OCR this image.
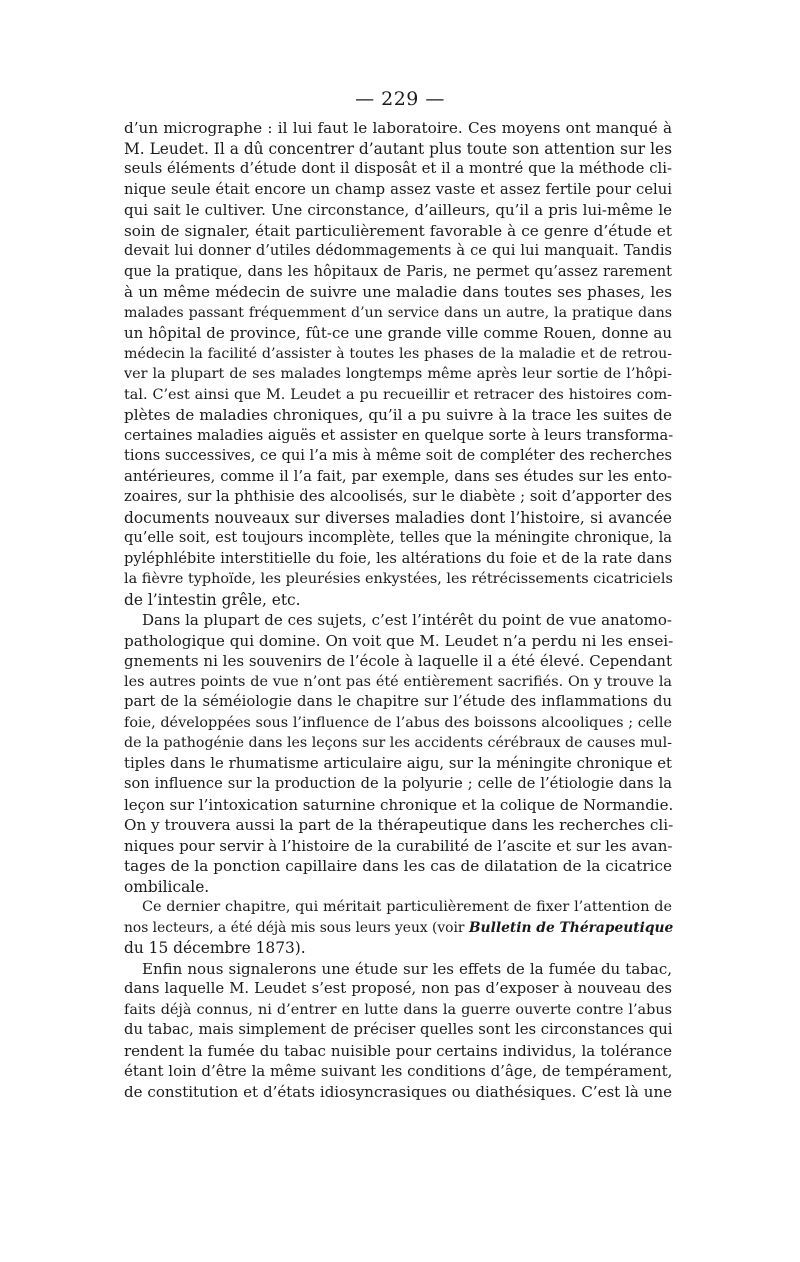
— 229 —
d’un micrographe : il lui faut le laboratoire. Ces moyens ont manqué à
M. Leudet. Il a dû concentrer d’autant plus toute son attention sur les
seuls éléments d’étude dont il disposât et il a montré que la méthode cli-
nique seule était encore un champ assez vaste et assez fertile pour celui
qui sait le cultiver. Une circonstance, d’ailleurs, qu’il a pris lui-même le
soin de signaler, était particulièrement favorable à ce genre d’étude et
devait lui donner d’utiles dédommagements à ce qui lui manquait. Tandis
que la pratique, dans les hôpitaux de Paris, ne permet qu’assez rarement
à un même médecin de suivre une maladie dans toutes ses phases, les
malades passant fréquemment d’un service dans un autre, la pratique dans
un hôpital de province, fût-ce une grande ville comme Rouen, donne au
médecin la facilité d’assister à toutes les phases de la maladie et de retrou-
ver la plupart de ses malades longtemps même après leur sortie de l’hôpi-
tal. C’est ainsi que M. Leudet a pu recueillir et retracer des histoires com-
plètes de maladies chroniques, qu’il a pu suivre à la trace les suites de
certaines maladies aiguës et assister en quelque sorte à leurs transforma-
tions successives, ce qui l’a mis à même soit de compléter des recherches
antérieures, comme il l’a fait, par exemple, dans ses études sur les ento-
zoaires, sur la phthisie des alcoolisés, sur le diabète ; soit d’apporter des
documents nouveaux sur diverses maladies dont l’histoire, si avancée
qu’elle soit, est toujours incomplète, telles que la méningite chronique, la
pyléphlébite interstitielle du foie, les altérations du foie et de la rate dans
la fièvre typhoïde, les pleurésies enkystées, les rétrécissements cicatriciels
de l’intestin grêle, etc.
Dans la plupart de ces sujets, c’est l’intérêt du point de vue anatomo-
pathologique qui domine. On voit que M. Leudet n’a perdu ni les ensei-
gnements ni les souvenirs de l’école à laquelle il a été élevé. Cependant
les autres points de vue n’ont pas été entièrement sacrifiés. On y trouve la
part de la séméiologie dans le chapitre sur l’étude des inflammations du
foie, développées sous l’influence de l’abus des boissons alcooliques ; celle
de la pathogénie dans les leçons sur les accidents cérébraux de causes mul-
tiples dans le rhumatisme articulaire aigu, sur la méningite chronique et
son influence sur la production de la polyurie ; celle de l’étiologie dans la
leçon sur l’intoxication saturnine chronique et la colique de Normandie.
On y trouvera aussi la part de la thérapeutique dans les recherches cli-
niques pour servir à l’histoire de la curabilité de l’ascite et sur les avan-
tages de la ponction capillaire dans les cas de dilatation de la cicatrice
ombilicale.
Ce dernier chapitre, qui méritait particulièrement de fixer l’attention de
nos lecteurs, a été déjà mis sous leurs yeux (voir Bulletin de Thérapeutique
du 15 décembre 1873).
Enfin nous signalerons une étude sur les effets de la fumée du tabac,
dans laquelle M. Leudet s’est proposé, non pas d’exposer à nouveau des
faits déjà connus, ni d’entrer en lutte dans la guerre ouverte contre l’abus
du tabac, mais simplement de préciser quelles sont les circonstances qui
rendent la fumée du tabac nuisible pour certains individus, la tolérance
étant loin d’être la même suivant les conditions d’âge, de tempérament,
de constitution et d’états idiosyncrasiques ou diathésiques. C’est là une
